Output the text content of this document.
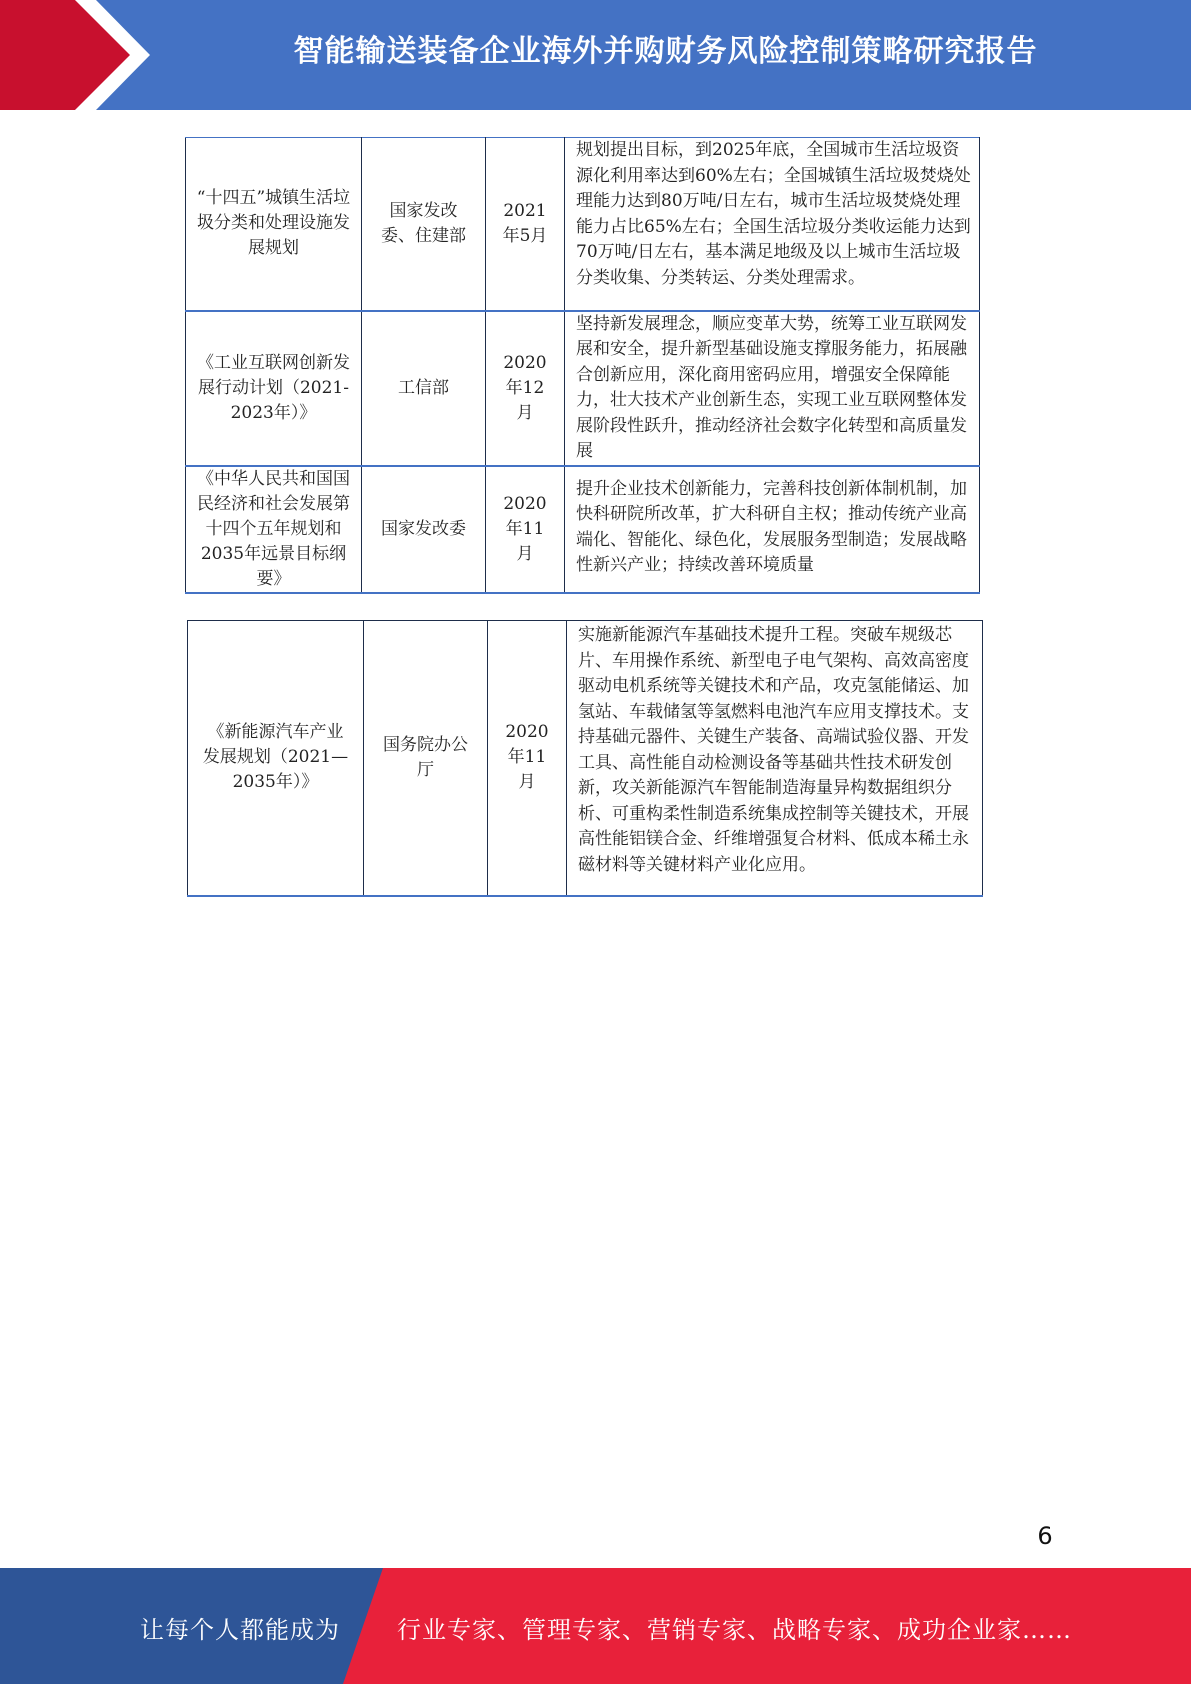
智能输送装备企业海外并购财务风险控制策略研究报告
“十四五”城镇生活垃圾分类和处理设施发展规划	国家发改委、住建部	2021年5月	规划提出目标，到2025年底，全国城市生活垃圾资源化利用率达到60%左右；全国城镇生活垃圾焚烧处理能力达到80万吨/日左右，城市生活垃圾焚烧处理能力占比65%左右；全国生活垃圾分类收运能力达到70万吨/日左右，基本满足地级及以上城市生活垃圾分类收集、分类转运、分类处理需求。
《工业互联网创新发展行动计划（2021-2023年）》	工信部	2020年12月	坚持新发展理念，顺应变革大势，统筹工业互联网发展和安全，提升新型基础设施支撑服务能力，拓展融合创新应用，深化商用密码应用，增强安全保障能力，壮大技术产业创新生态，实现工业互联网整体发展阶段性跃升，推动经济社会数字化转型和高质量发展
《中华人民共和国国民经济和社会发展第十四个五年规划和2035年远景目标纲要》	国家发改委	2020年11月	提升企业技术创新能力，完善科技创新体制机制，加快科研院所改革，扩大科研自主权；推动传统产业高端化、智能化、绿色化，发展服务型制造；发展战略性新兴产业；持续改善环境质量
《新能源汽车产业发展规划（2021—2035年）》	国务院办公厅	2020年11月	实施新能源汽车基础技术提升工程。突破车规级芯片、车用操作系统、新型电子电气架构、高效高密度驱动电机系统等关键技术和产品，攻克氢能储运、加氢站、车载储氢等氢燃料电池汽车应用支撑技术。支持基础元器件、关键生产装备、高端试验仪器、开发工具、高性能自动检测设备等基础共性技术研发创新，攻关新能源汽车智能制造海量异构数据组织分析、可重构柔性制造系统集成控制等关键技术，开展高性能铝镁合金、纤维增强复合材料、低成本稀土永磁材料等关键材料产业化应用。
6
让每个人都能成为	行业专家、管理专家、营销专家、战略专家、成功企业家……
